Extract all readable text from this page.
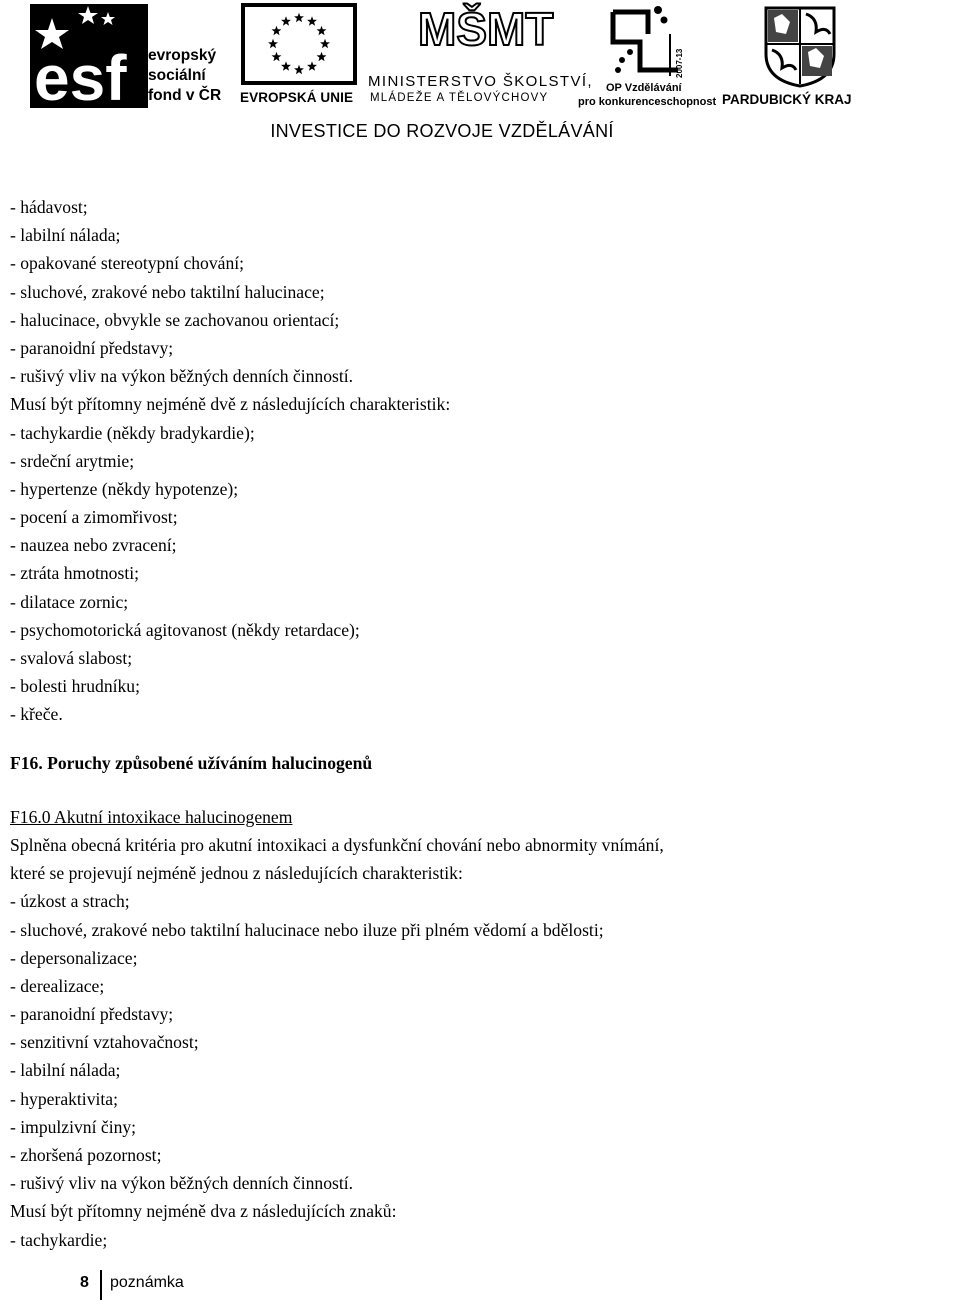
esf evropský
sociální
fond v ČR EVROPSKÁ UNIE
MŠMT
MINISTERSTVO ŠKOLSTVÍ,
MLÁDEŽE A TĚLOVÝCHOVY
2007-13
OP Vzdělávání
pro konkurenceschopnost PARDUBICKÝ KRAJ
INVESTICE DO ROZVOJE VZDĚLÁVÁNÍ
- hádavost;
- labilní nálada;
- opakované stereotypní chování;
- sluchové, zrakové nebo taktilní halucinace;
- halucinace, obvykle se zachovanou orientací;
- paranoidní představy;
- rušivý vliv na výkon běžných denních činností.
Musí být přítomny nejméně dvě z následujících charakteristik:
- tachykardie (někdy bradykardie);
- srdeční arytmie;
- hypertenze (někdy hypotenze);
- pocení a zimomřivost;
- nauzea nebo zvracení;
- ztráta hmotnosti;
- dilatace zornic;
- psychomotorická agitovanost (někdy retardace);
- svalová slabost;
- bolesti hrudníku;
- křeče.
F16. Poruchy způsobené užíváním halucinogenů
F16.0 Akutní intoxikace halucinogenem
Splněna obecná kritéria pro akutní intoxikaci a dysfunkční chování nebo abnormity vnímání,
které se projevují nejméně jednou z následujících charakteristik:
- úzkost a strach;
- sluchové, zrakové nebo taktilní halucinace nebo iluze při plném vědomí a bdělosti;
- depersonalizace;
- derealizace;
- paranoidní představy;
- senzitivní vztahovačnost;
- labilní nálada;
- hyperaktivita;
- impulzivní činy;
- zhoršená pozornost;
- rušivý vliv na výkon běžných denních činností.
Musí být přítomny nejméně dva z následujících znaků:
- tachykardie;
8 poznámka
